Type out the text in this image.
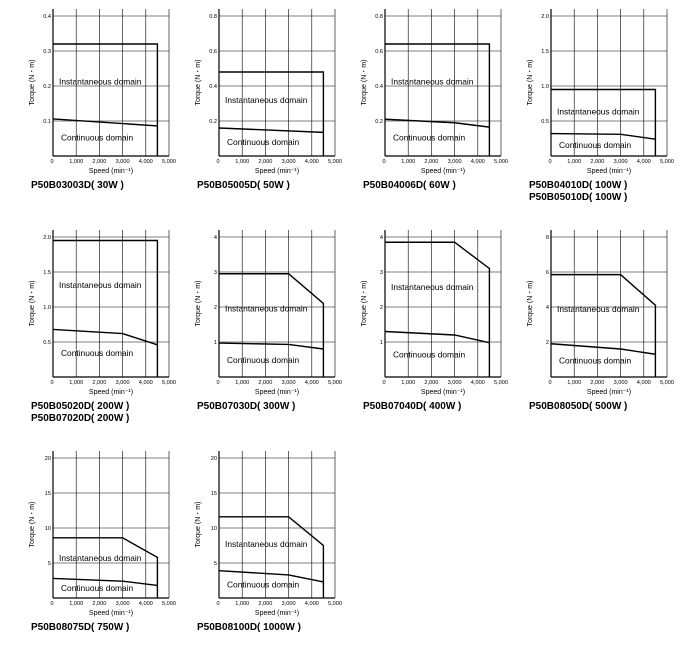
0	1,000 2,000 3,000 4,000 5,000
0.1
0.2
0.3
0.4
Instantaneous domain
Continuous domain
Speed (min⁻¹)
Torque (N・m)
P50B03003D( 30W )
0	1,000 2,000 3,000 4,000 5,000
0.2
0.4
0.6
0.8
Instantaneous domain
Continuous domain
Speed (min⁻¹)
Torque (N・m)
P50B05005D( 50W )
0	1,000 2,000 3,000 4,000 5,000
0.2
0.4
0.6
0.8
Instantaneous domain
Continuous domain
Speed (min⁻¹)
Torque (N・m)
P50B04006D( 60W )
0	1,000 2,000 3,000 4,000 5,000
0.5
1.0
1.5
2.0
Instantaneous domain
Continuous domain
Speed (min⁻¹)
Torque (N・m)
P50B04010D( 100W )
P50B05010D( 100W )
0	1,000 2,000 3,000 4,000 5,000
0.5
1.0
1.5
2.0
Instantaneous domain
Continuous domain
Speed (min⁻¹)
Torque (N・m)
P50B05020D( 200W )
P50B07020D( 200W )
0	1,000 2,000 3,000 4,000 5,000
1
2
3
4
Instantaneous domain
Continuous domain
Speed (min⁻¹)
Torque (N・m)
P50B07030D( 300W )
0	1,000 2,000 3,000 4,000 5,000
1
2
3
4
Instantaneous domain
Continuous domain
Speed (min⁻¹)
Torque (N・m)
P50B07040D( 400W )
0	1,000 2,000 3,000 4,000 5,000
2
4
6
8
Instantaneous domain
Continuous domain
Speed (min⁻¹)
Torque (N・m)
P50B08050D( 500W )
0	1,000 2,000 3,000 4,000 5,000
5
10
15
20
Instantaneous domain
Continuous domain
Speed (min⁻¹)
Torque (N・m)
P50B08075D( 750W )
0	1,000 2,000 3,000 4,000 5,000
5
10
15
20
Instantaneous domain
Continuous domain
Speed (min⁻¹)
Torque (N・m)
P50B08100D( 1000W )
